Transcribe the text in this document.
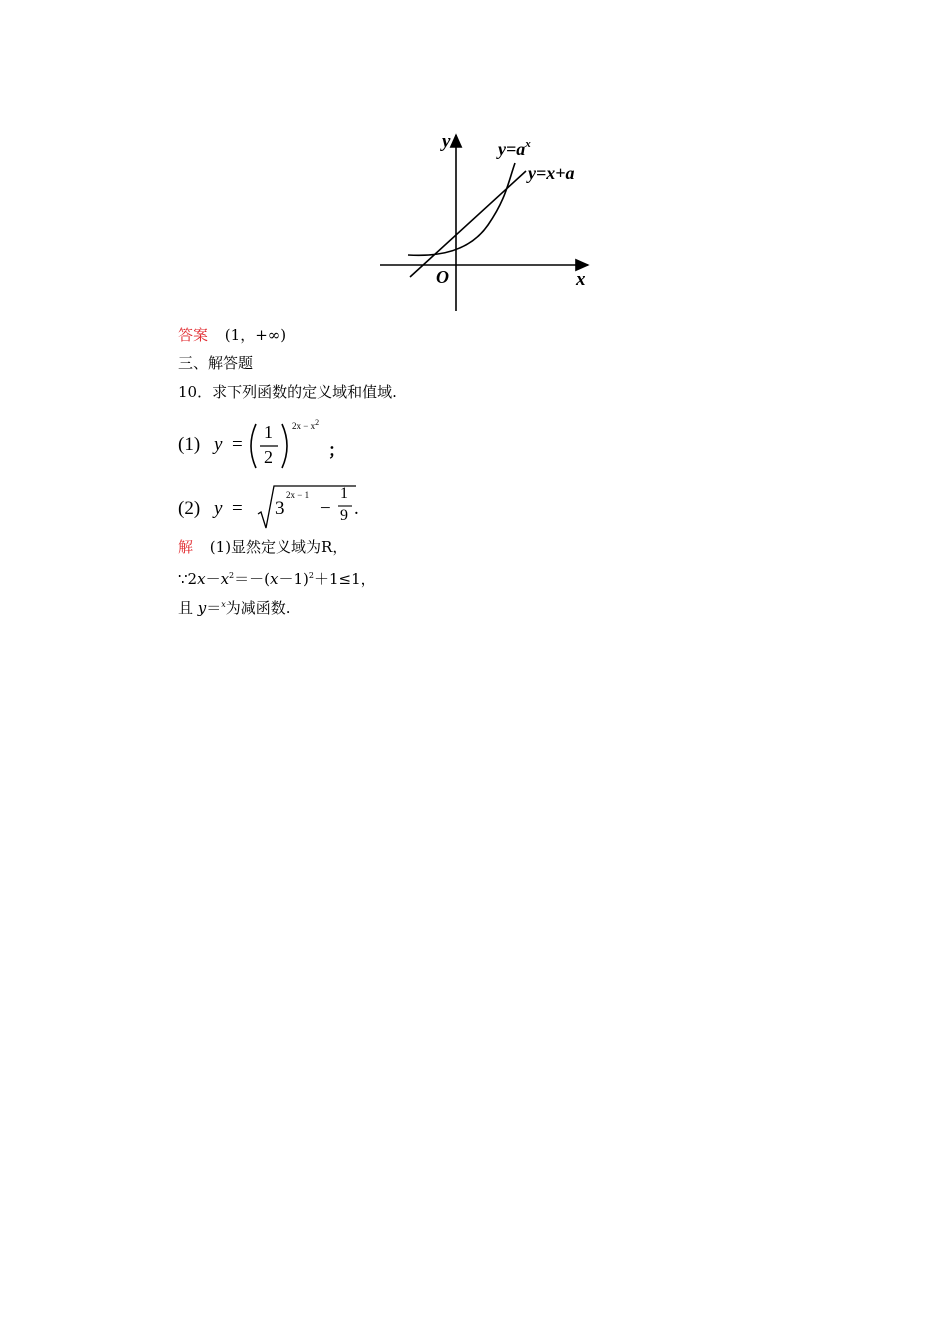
y
x
O
$y=a^x$
y=x+a
答案 (1，+∞)
三、解答题
10．求下列函数的定义域和值域.
(1) y =
1
2
$2x - x^2$
；
(2) y = 3
2x − 1
−
1
9 .
解 (1)显然定义域为R，
$\because 2x-x^2=-(x-1)^2+1\le 1$，
且 y＝$^x$为减函数.
